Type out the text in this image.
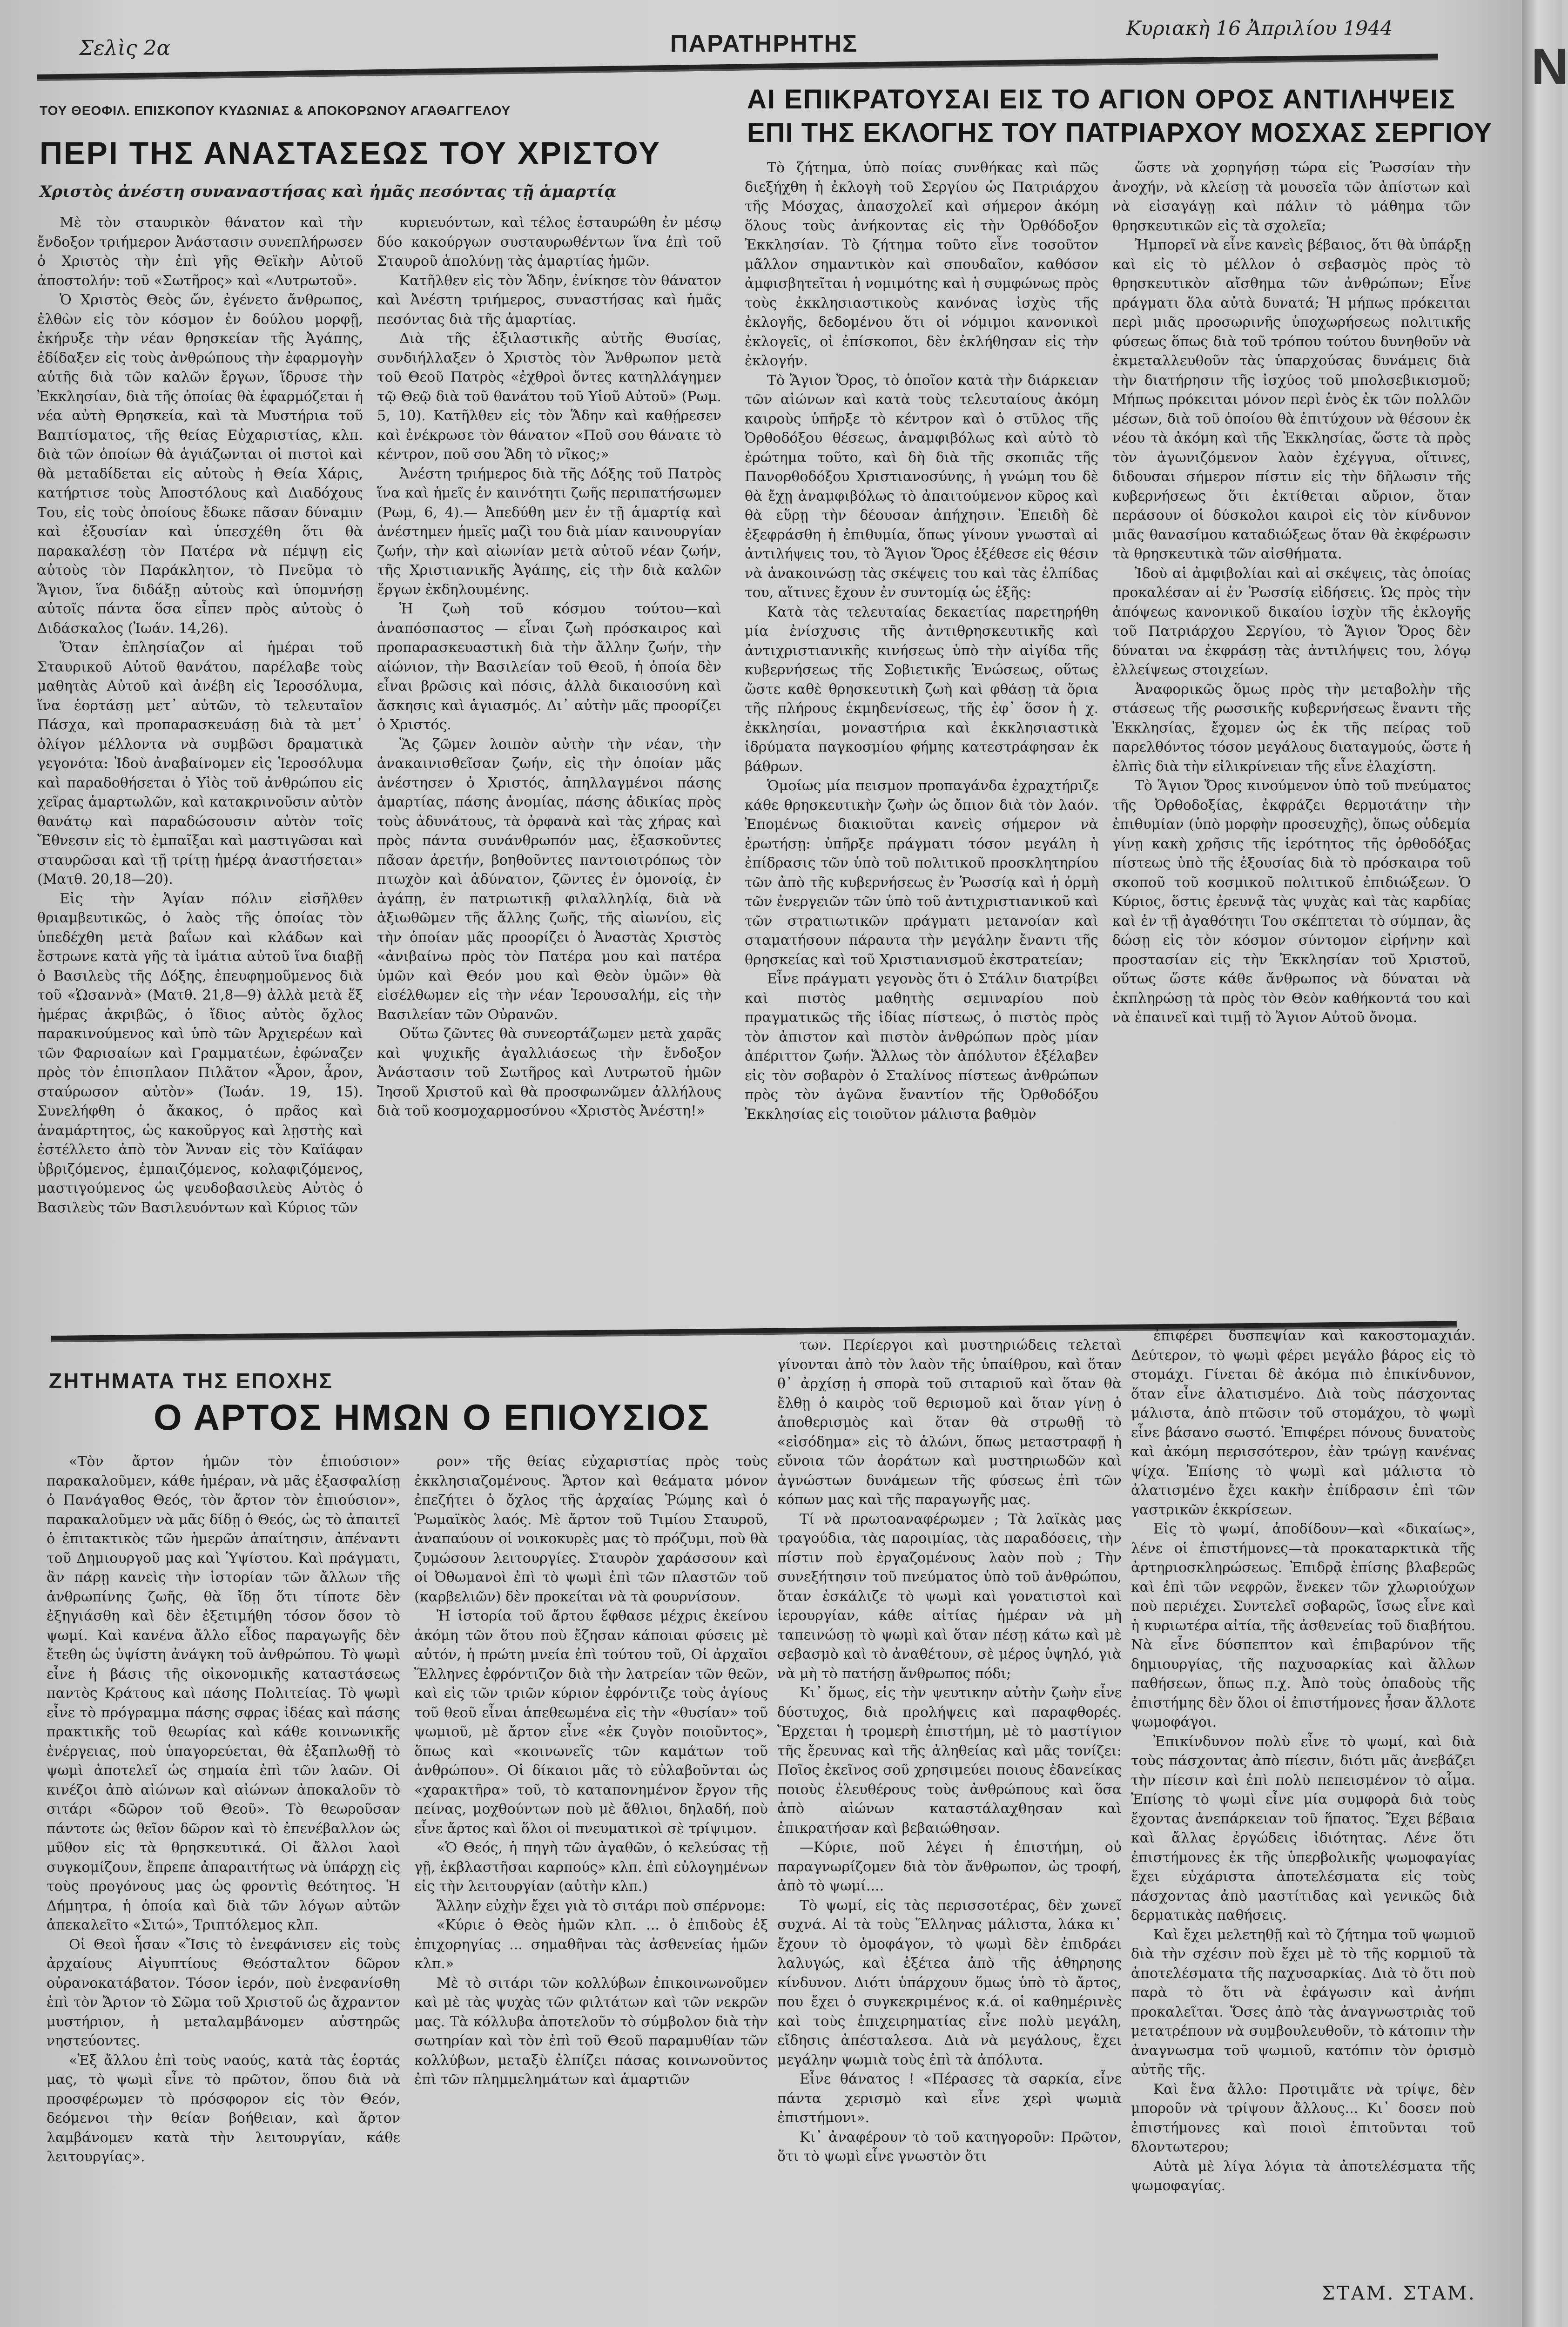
Σελὶς 2α	ΠΑΡΑΤΗΡΗΤΗΣ
Κυριακὴ 16 Ἀπριλίου 1944
ΤΟΥ ΘΕΟΦΙΛ. ΕΠΙΣΚΟΠΟΥ ΚΥΔΩΝΙΑΣ & ΑΠΟΚΟΡΩΝΟΥ ΑΓΑΘΑΓΓΕΛΟΥ
ΠΕΡΙ ΤΗΣ ΑΝΑΣΤΑΣΕΩΣ ΤΟΥ ΧΡΙΣΤΟΥ
Χριστὸς ἀνέστη συναναστήσας καὶ ἡμᾶς πεσόντας τῇ ἁμαρτίᾳ

Μὲ τὸν σταυρικὸν θάνατον καὶ τὴν ἔνδοξον τριήμερον Ἀνάστασιν συνεπλήρωσεν ὁ Χριστὸς τὴν ἐπὶ γῆς Θεϊκὴν Αὐτοῦ ἀποστολήν: τοῦ «Σωτῆρος» καὶ «Λυτρωτοῦ».

Ὁ Χριστὸς Θεὸς ὤν, ἐγένετο ἄνθρωπος, ἐλθὼν εἰς τὸν κόσμον ἐν δούλου μορφῇ, ἐκήρυξε τὴν νέαν θρησκείαν τῆς Ἀγάπης, ἐδίδαξεν εἰς τοὺς ἀνθρώπους τὴν ἐφαρμογὴν αὐτῆς διὰ τῶν καλῶν ἔργων, ἵδρυσε τὴν Ἐκκλησίαν, διὰ τῆς ὁποίας θὰ ἐφαρμόζεται ἡ νέα αὐτὴ Θρησκεία, καὶ τὰ Μυστήρια τοῦ Βαπτίσματος, τῆς θείας Εὐχαριστίας, κλπ. διὰ τῶν ὁποίων θὰ ἁγιάζωνται οἱ πιστοὶ καὶ θὰ μεταδίδεται εἰς αὐτοὺς ἡ Θεία Χάρις, κατήρτισε τοὺς Ἀποστόλους καὶ Διαδόχους Του, εἰς τοὺς ὁποίους ἔδωκε πᾶσαν δύναμιν καὶ ἐξουσίαν καὶ ὑπεσχέθη ὅτι θὰ παρακαλέσῃ τὸν Πατέρα νὰ πέμψῃ εἰς αὐτοὺς τὸν Παράκλητον, τὸ Πνεῦμα τὸ Ἅγιον, ἵνα διδάξῃ αὐτοὺς καὶ ὑπομνήσῃ αὐτοῖς πάντα ὅσα εἶπεν πρὸς αὐτοὺς ὁ Διδάσκαλος (Ἰωάν. 14,26).

Ὅταν ἐπλησίαζον αἱ ἡμέραι τοῦ Σταυρικοῦ Αὐτοῦ θανάτου, παρέλαβε τοὺς μαθητὰς Αὐτοῦ καὶ ἀνέβη εἰς Ἱεροσόλυμα, ἵνα ἑορτάσῃ μετ᾽ αὐτῶν, τὸ τελευταῖον Πάσχα, καὶ προπαρασκευάσῃ διὰ τὰ μετ᾽ ὀλίγον μέλλοντα νὰ συμβῶσι δραματικὰ γεγονότα: Ἰδοὺ ἀναβαίνομεν εἰς Ἱεροσόλυμα καὶ παραδοθήσεται ὁ Υἱὸς τοῦ ἀνθρώπου εἰς χεῖρας ἁμαρτωλῶν, καὶ κατακρινοῦσιν αὐτὸν θανάτῳ καὶ παραδώσουσιν αὐτὸν τοῖς Ἔθνεσιν εἰς τὸ ἐμπαῖξαι καὶ μαστιγῶσαι καὶ σταυρῶσαι καὶ τῇ τρίτῃ ἡμέρᾳ ἀναστήσεται» (Ματθ. 20,18—20).

Εἰς τὴν Ἁγίαν πόλιν εἰσῆλθεν θριαμβευτικῶς, ὁ λαὸς τῆς ὁποίας τὸν ὑπεδέχθη μετὰ βαΐων καὶ κλάδων καὶ ἔστρωνε κατὰ γῆς τὰ ἱμάτια αὐτοῦ ἵνα διαβῇ ὁ Βασιλεὺς τῆς Δόξης, ἐπευφημοῦμενος διὰ τοῦ «Ὡσαννὰ» (Ματθ. 21,8—9) ἀλλὰ μετὰ ἕξ ἡμέρας ἀκριβῶς, ὁ ἴδιος αὐτὸς ὄχλος παρακινούμενος καὶ ὑπὸ τῶν Ἀρχιερέων καὶ τῶν Φαρισαίων καὶ Γραμματέων, ἐφώναζεν πρὸς τὸν ἐπισπλαον Πιλᾶτον «Ἆρον, ἆρον, σταύρωσον αὐτὸν» (Ἰωάν. 19, 15). Συνελήφθη ὁ ἄκακος, ὁ πρᾶος καὶ ἀναμάρτητος, ὡς κακοῦργος καὶ λῃστὴς καὶ ἐστέλλετο ἀπὸ τὸν Ἄνναν εἰς τὸν Καϊάφαν ὑβριζόμενος, ἐμπαιζόμενος, κολαφιζόμενος, μαστιγούμενος ὡς ψευδοβασιλεὺς Αὐτὸς ὁ Βασιλεὺς τῶν Βασιλευόντων καὶ Κύριος τῶν

κυριευόντων, καὶ τέλος ἐσταυρώθη ἐν μέσῳ δύο κακούργων συσταυρωθέντων ἵνα ἐπὶ τοῦ Σταυροῦ ἀπολύνῃ τὰς ἁμαρτίας ἡμῶν.

Κατῆλθεν εἰς τὸν Ἅδην, ἐνίκησε τὸν θάνατον καὶ Ἀνέστη τριήμερος, συναστήσας καὶ ἡμᾶς πεσόντας διὰ τῆς ἁμαρτίας.

Διὰ τῆς ἐξιλαστικῆς αὐτῆς Θυσίας, συνδιήλλαξεν ὁ Χριστὸς τὸν Ἄνθρωπον μετὰ τοῦ Θεοῦ Πατρὸς «ἐχθροὶ ὄντες κατηλλάγημεν τῷ Θεῷ διὰ τοῦ θανάτου τοῦ Υἱοῦ Αὐτοῦ» (Ρωμ. 5, 10). Κατῆλθεν εἰς τὸν Ἅδην καὶ καθῄρεσεν καὶ ἐνέκρωσε τὸν θάνατον «Ποῦ σου θάνατε τὸ κέντρον, ποῦ σου Ἅδη τὸ νῖκος;»

Ἀνέστη τριήμερος διὰ τῆς Δόξης τοῦ Πατρὸς ἵνα καὶ ἡμεῖς ἐν καινότητι ζωῆς περιπατήσωμεν (Ρωμ, 6, 4).— Ἀπεδύθη μεν ἐν τῇ ἁμαρτίᾳ καὶ ἀνέστημεν ἡμεῖς μαζὶ του διὰ μίαν καινουργίαν ζωήν, τὴν καὶ αἰωνίαν μετὰ αὐτοῦ νέαν ζωήν, τῆς Χριστιανικῆς Ἀγάπης, εἰς τὴν διὰ καλῶν ἔργων ἐκδηλουμένης.

Ἡ ζωὴ τοῦ κόσμου τούτου—καὶ ἀναπόσπαστος — εἶναι ζωὴ πρόσκαιρος καὶ προπαρασκευαστικὴ διὰ τὴν ἄλλην ζωήν, τὴν αἰώνιον, τὴν Βασιλείαν τοῦ Θεοῦ, ἡ ὁποία δὲν εἶναι βρῶσις καὶ πόσις, ἀλλὰ δικαιοσύνη καὶ ἄσκησις καὶ ἁγιασμός. Δι᾽ αὐτὴν μᾶς προορίζει ὁ Χριστός.

Ἂς ζῶμεν λοιπὸν αὐτὴν τὴν νέαν, τὴν ἀνακαινισθεῖσαν ζωήν, εἰς τὴν ὁποίαν μᾶς ἀνέστησεν ὁ Χριστός, ἀπηλλαγμένοι πάσης ἁμαρτίας, πάσης ἀνομίας, πάσης ἀδικίας πρὸς τοὺς ἀδυνάτους, τὰ ὀρφανὰ καὶ τὰς χήρας καὶ πρὸς πάντα συνάνθρωπόν μας, ἐξασκοῦντες πᾶσαν ἀρετήν, βοηθοῦντες παντοιοτρόπως τὸν πτωχὸν καὶ ἀδύνατον, ζῶντες ἐν ὁμονοίᾳ, ἐν ἀγάπῃ, ἐν πατριωτικῇ φιλαλληλίᾳ, διὰ νὰ ἀξιωθῶμεν τῆς ἄλλης ζωῆς, τῆς αἰωνίου, εἰς τὴν ὁποίαν μᾶς προορίζει ὁ Ἀναστὰς Χριστὸς «ἀνιβαίνω πρὸς τὸν Πατέρα μου καὶ πατέρα ὑμῶν καὶ Θεόν μου καὶ Θεὸν ὑμῶν» θὰ εἰσέλθωμεν εἰς τὴν νέαν Ἱερουσαλήμ, εἰς τὴν Βασιλείαν τῶν Οὐρανῶν.

Οὕτω ζῶντες θὰ συνεορτάζωμεν μετὰ χαρᾶς καὶ ψυχικῆς ἀγαλλιάσεως τὴν ἔνδοξον Ἀνάστασιν τοῦ Σωτῆρος καὶ Λυτρωτοῦ ἡμῶν Ἰησοῦ Χριστοῦ καὶ θὰ προσφωνῶμεν ἀλλήλους διὰ τοῦ κοσμοχαρμοσύνου «Χριστὸς Ἀνέστη!»

ΑΙ ΕΠΙΚΡΑΤΟΥΣΑΙ ΕΙΣ ΤΟ ΑΓΙΟΝ ΟΡΟΣ ΑΝΤΙΛΗΨΕΙΣ
ΕΠΙ ΤΗΣ ΕΚΛΟΓΗΣ ΤΟΥ ΠΑΤΡΙΑΡΧΟΥ ΜΟΣΧΑΣ ΣΕΡΓΙΟΥ

Τὸ ζήτημα, ὑπὸ ποίας συνθήκας καὶ πῶς διεξήχθη ἡ ἐκλογὴ τοῦ Σεργίου ὡς Πατριάρχου τῆς Μόσχας, ἀπασχολεῖ καὶ σήμερον ἀκόμη ὅλους τοὺς ἀνήκοντας εἰς τὴν Ὀρθόδοξον Ἐκκλησίαν. Τὸ ζήτημα τοῦτο εἶνε τοσοῦτον μᾶλλον σημαντικὸν καὶ σπουδαῖον, καθόσον ἀμφισβητεῖται ἡ νομιμότης καὶ ἡ συμφώνως πρὸς τοὺς ἐκκλησιαστικοὺς κανόνας ἰσχὺς τῆς ἐκλογῆς, δεδομένου ὅτι οἱ νόμιμοι κανονικοὶ ἐκλογεῖς, οἱ ἐπίσκοποι, δὲν ἐκλήθησαν εἰς τὴν ἐκλογήν.

Τὸ Ἅγιον Ὄρος, τὸ ὁποῖον κατὰ τὴν διάρκειαν τῶν αἰώνων καὶ κατὰ τοὺς τελευταίους ἀκόμη καιροὺς ὑπῆρξε τὸ κέντρον καὶ ὁ στῦλος τῆς Ὀρθοδόξου θέσεως, ἀναμφιβόλως καὶ αὐτὸ τὸ ἐρώτημα τοῦτο, καὶ δὴ διὰ τῆς σκοπιᾶς τῆς Πανορθοδόξου Χριστιανοσύνης, ἡ γνώμη του δὲ θὰ ἔχῃ ἀναμφιβόλως τὸ ἀπαιτούμενον κῦρος καὶ θὰ εὕρῃ τὴν δέουσαν ἀπήχησιν. Ἐπειδὴ δὲ ἐξεφράσθη ἡ ἐπιθυμία, ὅπως γίνουν γνωσταὶ αἱ ἀντιλήψεις του, τὸ Ἅγιον Ὄρος ἐξέθεσε εἰς θέσιν νὰ ἀνακοινώσῃ τὰς σκέψεις του καὶ τὰς ἐλπίδας του, αἵτινες ἔχουν ἐν συντομίᾳ ὡς ἑξῆς:

Κατὰ τὰς τελευταίας δεκαετίας παρετηρήθη μία ἐνίσχυσις τῆς ἀντιθρησκευτικῆς καὶ ἀντιχριστιανικῆς κινήσεως ὑπὸ τὴν αἰγίδα τῆς κυβερνήσεως τῆς Σοβιετικῆς Ἑνώσεως, οὕτως ὥστε καθὲ θρησκευτικὴ ζωὴ καὶ φθάσῃ τὰ ὅρια τῆς πλήρους ἐκμηδενίσεως, τῆς ἐφ᾽ ὅσον ἡ χ. ἐκκλησίαι, μοναστήρια καὶ ἐκκλησιαστικὰ ἱδρύματα παγκοσμίου φήμης κατεστράφησαν ἐκ βάθρων.

Ὁμοίως μία πεισμον προπαγάνδα ἐχραχτήριζε κάθε θρησκευτικὴν ζωὴν ὡς ὄπιον διὰ τὸν λαόν. Ἐπομένως διακιοῦται κανεὶς σήμερον νὰ ἐρωτήσῃ: ὑπῆρξε πράγματι τόσον μεγάλη ἡ ἐπίδρασις τῶν ὑπὸ τοῦ πολιτικοῦ προσκλητηρίου τῶν ἀπὸ τῆς κυβερνήσεως ἐν Ῥωσσίᾳ καὶ ἡ ὁρμὴ τῶν ἐνεργειῶν τῶν ὑπὸ τοῦ ἀντιχριστιανικοῦ καὶ τῶν στρατιωτικῶν πράγματι μετανοίαν καὶ σταματήσουν πάραυτα τὴν μεγάλην ἔναντι τῆς θρησκείας καὶ τοῦ Χριστιανισμοῦ ἐκστρατείαν;

Εἶνε πράγματι γεγονὸς ὅτι ὁ Στάλιν διατρίβει καὶ πιστὸς μαθητὴς σεμιναρίου ποὺ πραγματικῶς τῆς ἰδίας πίστεως, ὁ πιστὸς πρὸς τὸν ἀπιστον καὶ πιστὸν ἀνθρώπων πρὸς μίαν ἀπέριττον ζωήν. Ἄλλως τὸν ἀπόλυτον ἐξέλαβεν εἰς τὸν σοβαρὸν ὁ Σταλίνος πίστεως ἀνθρώπων πρὸς τὸν ἀγῶνα ἔναντίον τῆς Ὀρθοδόξου Ἐκκλησίας εἰς τοιοῦτον μάλιστα βαθμὸν

ὥστε νὰ χορηγήσῃ τώρα εἰς Ῥωσσίαν τὴν ἀνοχήν, νὰ κλείσῃ τὰ μουσεῖα τῶν ἀπίστων καὶ νὰ εἰσαγάγῃ καὶ πάλιν τὸ μάθημα τῶν θρησκευτικῶν εἰς τὰ σχολεῖα;

Ἠμπορεῖ νὰ εἶνε κανεὶς βέβαιος, ὅτι θὰ ὑπάρξῃ καὶ εἰς τὸ μέλλον ὁ σεβασμὸς πρὸς τὸ θρησκευτικὸν αἴσθημα τῶν ἀνθρώπων; Εἶνε πράγματι ὅλα αὐτὰ δυνατά; Ἡ μήπως πρόκειται περὶ μιᾶς προσωρινῆς ὑποχωρήσεως πολιτικῆς φύσεως ὅπως διὰ τοῦ τρόπου τούτου δυνηθοῦν νὰ ἐκμεταλλευθοῦν τὰς ὑπαρχούσας δυνάμεις διὰ τὴν διατήρησιν τῆς ἰσχύος τοῦ μπολσεβικισμοῦ; Μήπως πρόκειται μόνον περὶ ἑνὸς ἐκ τῶν πολλῶν μέσων, διὰ τοῦ ὁποίου θὰ ἐπιτύχουν νὰ θέσουν ἐκ νέου τὰ ἀκόμη καὶ τῆς Ἐκκλησίας, ὥστε τὰ πρὸς τὸν ἀγωνιζόμενον λαὸν ἐχέγγυα, οἵτινες, διδουσαι σήμερον πίστιν εἰς τὴν δῆλωσιν τῆς κυβερνήσεως ὅτι ἐκτίθεται αὔριον, ὅταν περάσουν οἱ δύσκολοι καιροὶ εἰς τὸν κίνδυνον μιᾶς θανασίμου καταδιώξεως ὅταν θὰ ἐκφέρωσιν τὰ θρησκευτικὰ τῶν αἰσθήματα.

Ἰδοὺ αἱ ἀμφιβολίαι καὶ αἱ σκέψεις, τὰς ὁποίας προκαλέσαν αἱ ἐν Ῥωσσίᾳ εἰδήσεις. Ὡς πρὸς τὴν ἀπόψεως κανονικοῦ δικαίου ἰσχὺν τῆς ἐκλογῆς τοῦ Πατριάρχου Σεργίου, τὸ Ἅγιον Ὄρος δὲν δύναται να ἐκφράσῃ τὰς ἀντιλήψεις του, λόγῳ ἐλλείψεως στοιχείων.

Ἀναφορικῶς ὅμως πρὸς τὴν μεταβολὴν τῆς στάσεως τῆς ρωσσικῆς κυβερνήσεως ἔναντι τῆς Ἐκκλησίας, ἔχομεν ὡς ἐκ τῆς πείρας τοῦ παρελθόντος τόσον μεγάλους διαταγμούς, ὥστε ἡ ἐλπὶς διὰ τὴν εἰλικρίνειαν τῆς εἶνε ἐλαχίστη.

Τὸ Ἅγιον Ὄρος κινούμενον ὑπὸ τοῦ πνεύματος τῆς Ὀρθοδοξίας, ἐκφράζει θερμοτάτην τὴν ἐπιθυμίαν (ὑπὸ μορφὴν προσευχῆς), ὅπως οὐδεμία γίνῃ κακὴ χρῆσις τῆς ἱερότητος τῆς ὀρθοδόξας πίστεως ὑπὸ τῆς ἐξουσίας διὰ τὸ πρόσκαιρα τοῦ σκοποῦ τοῦ κοσμικοῦ πολιτικοῦ ἐπιδιώξεων. Ὁ Κύριος, ὅστις ἐρευνᾷ τὰς ψυχὰς καὶ τὰς καρδίας καὶ ἐν τῇ ἀγαθότητι Του σκέπτεται τὸ σύμπαν, ἃς δώσῃ εἰς τὸν κόσμον σύντομον εἰρήνην καὶ προστασίαν εἰς τὴν Ἐκκλησίαν τοῦ Χριστοῦ, οὕτως ὥστε κάθε ἄνθρωπος νὰ δύναται νὰ ἐκπληρώσῃ τὰ πρὸς τὸν Θεὸν καθήκοντά του καὶ νὰ ἐπαινεῖ καὶ τιμῇ τὸ Ἅγιον Αὐτοῦ ὄνομα.

ΖΗΤΗΜΑΤΑ ΤΗΣ ΕΠΟΧΗΣ
Ο ΑΡΤΟΣ ΗΜΩΝ Ο ΕΠΙΟΥΣΙΟΣ

«Τὸν ἄρτον ἡμῶν τὸν ἐπιούσιον» παρακαλοῦμεν, κάθε ἡμέραν, νὰ μᾶς ἐξασφαλίσῃ ὁ Πανάγαθος Θεός, τὸν ἄρτον τὸν ἐπιούσιον», παρακαλοῦμεν νὰ μᾶς δίδῃ ὁ Θεός, ὡς τὸ ἀπαιτεῖ ὁ ἐπιτακτικὸς τῶν ἡμερῶν ἀπαίτησιν, ἀπέναντι τοῦ Δημιουργοῦ μας καὶ Ὑψίστου. Καὶ πράγματι, ἂν πάρῃ κανεὶς τὴν ἱστορίαν τῶν ἄλλων τῆς ἀνθρωπίνης ζωῆς, θὰ ἴδῃ ὅτι τίποτε δὲν ἐξηγιάσθη καὶ δὲν ἐξετιμήθη τόσον ὅσον τὸ ψωμί. Καὶ κανένα ἄλλο εἶδος παραγωγῆς δὲν ἔτεθη ὡς ὑψίστη ἀνάγκη τοῦ ἀνθρώπου. Τὸ ψωμὶ εἶνε ἡ βάσις τῆς οἰκονομικῆς καταστάσεως παντὸς Κράτους καὶ πάσης Πολιτείας. Τὸ ψωμὶ εἶνε τὸ πρόγραμμα πάσης σφρας ἰδέας καὶ πάσης πρακτικῆς τοῦ θεωρίας καὶ κάθε κοινωνικῆς ἐνέργειας, ποὺ ὑπαγορεύεται, θὰ ἐξαπλωθῇ τὸ ψωμὶ ἀποτελεῖ ὡς σημαία ἐπὶ τῶν λαῶν. Οἱ κινέζοι ἀπὸ αἰώνων καὶ αἰώνων ἀποκαλοῦν τὸ σιτάρι «δῶρον τοῦ Θεοῦ». Τὸ θεωροῦσαν πάντοτε ὡς θεῖον δῶρον καὶ τὸ ἐπενέβαλλον ὡς μῦθον εἰς τὰ θρησκευτικά. Οἱ ἄλλοι λαοὶ συγκομίζουν, ἔπρεπε ἀπαραιτήτως νὰ ὑπάρχῃ εἰς τοὺς προγόνους μας ὡς φροντὶς θεότητος. Ἡ Δήμητρα, ἡ ὁποία καὶ διὰ τῶν λόγων αὐτῶν ἀπεκαλεῖτο «Σιτώ», Τριπτόλεμος κλπ.

Οἱ Θεοὶ ἦσαν «Ἴσις τὸ ἐνεφάνισεν εἰς τοὺς ἀρχαίους Αἰγυπτίους Θεόσταλτον δῶρον οὐρανοκατάβατον. Τόσον ἱερόν, ποὺ ἐνεφανίσθη ἐπὶ τὸν Ἄρτον τὸ Σῶμα τοῦ Χριστοῦ ὡς ἄχραντον μυστήριον, ἡ μεταλαμβάνομεν αὐστηρῶς νηστεύοντες.

«Ἐξ ἄλλου ἐπὶ τοὺς ναούς, κατὰ τὰς ἑορτάς μας, τὸ ψωμὶ εἶνε τὸ πρῶτον, ὅπου διὰ νὰ προσφέρωμεν τὸ πρόσφορον εἰς τὸν Θεόν, δεόμενοι τὴν θείαν βοήθειαν, καὶ ἄρτον λαμβάνομεν κατὰ τὴν λειτουργίαν, κάθε λειτουργίας».

ρον» τῆς θείας εὐχαριστίας πρὸς τοὺς ἐκκλησιαζομένους. Ἄρτον καὶ θεάματα μόνον ἐπεζήτει ὁ ὄχλος τῆς ἀρχαίας Ῥώμης καὶ ὁ Ῥωμαϊκὸς λαός. Μὲ ἄρτον τοῦ Τιμίου Σταυροῦ, ἀναπαύουν οἱ νοικοκυρὲς μας τὸ πρόζυμι, ποὺ θὰ ζυμώσουν λειτουργίες. Σταυρὸν χαράσσουν καὶ οἱ Ὀθωμανοὶ ἐπὶ τὸ ψωμὶ ἐπὶ τῶν πλαστῶν τοῦ (καρβελιῶν) δὲν προκείται νὰ τὰ φουρνίσουν.

Ἡ ἱστορία τοῦ ἄρτου ἔφθασε μέχρις ἐκείνου ἀκόμη τῶν ὅτου ποὺ ἔζησαν κάποιαι φύσεις μὲ αὐτόν, ἡ πρώτη μνεία ἐπὶ τούτου τοῦ, Οἱ ἀρχαῖοι Ἕλληνες ἐφρόντιζον διὰ τὴν λατρείαν τῶν θεῶν, καὶ εἰς τῶν τριῶν κύριον ἐφρόντιζε τοὺς ἁγίους τοῦ θεοῦ εἶναι ἀπεθεωμένα εἰς τὴν «θυσίαν» τοῦ ψωμιοῦ, μὲ ἄρτον εἶνε «ἐκ ζυγὸν ποιοῦντος», ὅπως καὶ «κοινωνεῖς τῶν καμάτων τοῦ ἀνθρώπου». Οἱ δίκαιοι μᾶς τὸ εὐλαβοῦνται ὡς «χαρακτῆρα» τοῦ, τὸ καταπονημένον ἔργον τῆς πείνας, μοχθούντων ποὺ μὲ ἄθλιοι, δηλαδή, ποὺ εἶνε ἄρτος καὶ ὅλοι οἱ πνευματικοὶ σὲ τρίψιμον.

«Ὁ Θεός, ἡ πηγὴ τῶν ἀγαθῶν, ὁ κελεύσας τῇ γῇ, ἐκβλαστῆσαι καρπούς» κλπ. ἐπὶ εὐλογημένων εἰς τὴν λειτουργίαν (αὐτὴν κλπ.)

Ἄλλην εὐχὴν ἔχει γιὰ τὸ σιτάρι ποὺ σπέρνομε:

«Κύριε ὁ Θεὸς ἡμῶν κλπ. ... ὁ ἐπιδοὺς ἐξ ἐπιχορηγίας ... σημαθῆναι τὰς ἀσθενείας ἡμῶν κλπ.»

Μὲ τὸ σιτάρι τῶν κολλύβων ἐπικοινωνοῦμεν καὶ μὲ τὰς ψυχὰς τῶν φιλτάτων καὶ τῶν νεκρῶν μας. Τὰ κόλλυβα ἀποτελοῦν τὸ σύμβολον διὰ τὴν σωτηρίαν καὶ τὸν ἐπὶ τοῦ Θεοῦ παραμυθίαν τῶν κολλύβων, μεταξὺ ἐλπίζει πάσας κοινωνοῦντος ἐπὶ τῶν πλημμελημάτων καὶ ἁμαρτιῶν

των. Περίεργοι καὶ μυστηριώδεις τελεταὶ γίνονται ἀπὸ τὸν λαὸν τῆς ὑπαίθρου, καὶ ὅταν θ᾽ ἀρχίσῃ ἡ σπορὰ τοῦ σιταριοῦ καὶ ὅταν θὰ ἔλθῃ ὁ καιρὸς τοῦ θερισμοῦ καὶ ὅταν γίνῃ ὁ ἀποθερισμὸς καὶ ὅταν θὰ στρωθῇ τὸ «εἰσόδημα» εἰς τὸ ἁλώνι, ὅπως μεταστραφῇ ἡ εὔνοια τῶν ἀοράτων καὶ μυστηριωδῶν καὶ ἀγνώστων δυνάμεων τῆς φύσεως ἐπὶ τῶν κόπων μας καὶ τῆς παραγωγῆς μας.

Τί νὰ πρωτοαναφέρωμεν ; Τὰ λαϊκὰς μας τραγούδια, τὰς παροιμίας, τὰς παραδόσεις, τὴν πίστιν ποὺ ἐργαζομένους λαὸν ποὺ ; Τὴν συνεξήτησιν τοῦ πνεύματος ὑπὸ τοῦ ἀνθρώπου, ὅταν ἐσκάλιζε τὸ ψωμὶ καὶ γονατιστοὶ καὶ ἱερουργίαν, κάθε αἰτίας ἡμέραν νὰ μὴ ταπεινώσῃ τὸ ψωμὶ καὶ ὅταν πέσῃ κάτω καὶ μὲ σεβασμὸ καὶ τὸ ἀναθέτουν, σὲ μέρος ὑψηλό, γιὰ νὰ μὴ τὸ πατήσῃ ἄνθρωπος πόδι;

Κι᾽ ὅμως, εἰς τὴν ψευτικην αὐτὴν ζωὴν εἶνε δύστυχος, διὰ προλήψεις καὶ παραφθορές. Ἔρχεται ἡ τρομερὴ ἐπιστήμη, μὲ τὸ μαστίγιον τῆς ἔρευνας καὶ τῆς ἀληθείας καὶ μᾶς τονίζει: Ποῖος ἐκεῖνος σοῦ χρησιμεύει ποιους ἐδανείκας ποιοὺς ἐλευθέρους τοὺς ἀνθρώπους καὶ ὅσα ἀπὸ αἰώνων καταστάλαχθησαν καὶ ἐπικρατήσαν καὶ βεβαιώθησαν.

—Κύριε, ποῦ λέγει ἡ ἐπιστήμη, οὐ παραγνωρίζομεν διὰ τὸν ἄνθρωπον, ὡς τροφή, ἀπὸ τὸ ψωμί....

Τὸ ψωμί, εἰς τὰς περισσοτέρας, δὲν χωνεῖ συχνά. Αἰ τὰ τοὺς Ἕλληνας μάλιστα, λάκα κι᾽ ἔχουν τὸ ὀμοφάγον, τὸ ψωμὶ δὲν ἐπιδράει λαλυγώς, καὶ ἑξέτεα ἀπὸ τῆς ἀθηρησης κίνδυνον. Διότι ὑπάρχουν ὅμως ὑπὸ τὸ ἄρτος, που ἔχει ὁ συγκεκριμένος κ.ά. οἱ καθημέρινὲς καὶ τοὺς ἐπιχειρηματίας εἶνε πολὺ μεγάλη, εἴδησις ἀπέσταλεσα. Διὰ νὰ μεγάλους, ἔχει μεγάλην ψωμιὰ τοὺς ἐπὶ τὰ ἀπόλυτα.

Εἶνε θάνατος ! «Πέρασες τὰ σαρκία, εἶνε πάντα χερισμὸ καὶ εἶνε χερὶ ψωμιὰ ἐπιστήμονι».

Κι᾽ ἀναφέρουν τὸ τοῦ κατηγοροῦν: Πρῶτον, ὅτι τὸ ψωμὶ εἶνε γνωστὸν ὅτι

ἐπιφέρει δυσπεψίαν καὶ κακοστομαχιάν. Δεύτερον, τὸ ψωμὶ φέρει μεγάλο βάρος εἰς τὸ στομάχι. Γίνεται δὲ ἀκόμα πιὸ ἐπικίνδυνον, ὅταν εἶνε ἀλατισμένο. Διὰ τοὺς πάσχοντας μάλιστα, ἀπὸ πτῶσιν τοῦ στομάχου, τὸ ψωμὶ εἶνε βάσανο σωστό. Ἐπιφέρει πόνους δυνατοὺς καὶ ἀκόμη περισσότερον, ἐὰν τρώγῃ κανένας ψίχα. Ἐπίσης τὸ ψωμὶ καὶ μάλιστα τὸ ἀλατισμένο ἔχει κακὴν ἐπίδρασιν ἐπὶ τῶν γαστρικῶν ἐκκρίσεων.

Εἰς τὸ ψωμί, ἀποδίδουν—καὶ «δικαίως», λένε οἱ ἐπιστήμονες—τὰ προκαταρκτικὰ τῆς ἀρτηριοσκληρώσεως. Ἐπιδρᾷ ἐπίσης βλαβερῶς καὶ ἐπὶ τῶν νεφρῶν, ἕνεκεν τῶν χλωριούχων ποὺ περιέχει. Συντελεῖ σοβαρῶς, ἴσως εἶνε καὶ ἡ κυριωτέρα αἰτία, τῆς ἀσθενείας τοῦ διαβήτου. Νὰ εἶνε δύσπεπτον καὶ ἐπιβαρύνον τῆς δημιουργίας, τῆς παχυσαρκίας καὶ ἄλλων παθήσεων, ὅπως π.χ. Ἀπὸ τοὺς ὀπαδοὺς τῆς ἐπιστήμης δὲν ὅλοι οἱ ἐπιστήμονες ἦσαν ἄλλοτε ψωμοφάγοι.

Ἐπικίνδυνον πολὺ εἶνε τὸ ψωμί, καὶ διὰ τοὺς πάσχοντας ἀπὸ πίεσιν, διότι μᾶς ἀνεβάζει τὴν πίεσιν καὶ ἐπὶ πολὺ πεπεισμένον τὸ αἷμα. Ἐπίσης τὸ ψωμὶ εἶνε μία συμφορὰ διὰ τοὺς ἔχοντας ἀνεπάρκειαν τοῦ ἥπατος. Ἔχει βέβαια καὶ ἄλλας ἐργώδεις ἰδιότητας. Λένε ὅτι ἐπιστήμονες ἐκ τῆς ὑπερβολικῆς ψωμοφαγίας ἔχει εὐχάριστα ἀποτελέσματα εἰς τοὺς πάσχοντας ἀπὸ μαστίτιδας καὶ γενικῶς διὰ δερματικὰς παθήσεις.

Καὶ ἔχει μελετηθῇ καὶ τὸ ζήτημα τοῦ ψωμιοῦ διὰ τὴν σχέσιν ποὺ ἔχει μὲ τὸ τῆς κορμιοῦ τὰ ἀποτελέσματα τῆς παχυσαρκίας. Διὰ τὸ ὅτι ποὺ παρὰ τὸ ὅτι νὰ ἐφάγωσιν καὶ ἀνήπι προκαλεῖται. Ὅσες ἀπὸ τὰς ἀναγνωστριὰς τοῦ μετατρέπουν νὰ συμβουλευθοῦν, τὸ κάτοπιν τὴν ἀναγνωσμα τοῦ ψωμιοῦ, κατόπιν τὸν ὀρισμὸ αὐτῆς τῆς.

Καὶ ἔνα ἄλλο: Προτιμᾶτε νὰ τρίψε, δὲν μποροῦν νὰ τρίψουν ἄλλους... Κι᾽ δοσεν ποὺ ἐπιστήμονες καὶ ποιοὶ ἐπιτοῦνται τοῦ δλοντωτερου;

Αὐτὰ μὲ λίγα λόγια τὰ ἀποτελέσματα τῆς ψωμοφαγίας.

ΣΤΑΜ. ΣΤΑΜ.
Ν
